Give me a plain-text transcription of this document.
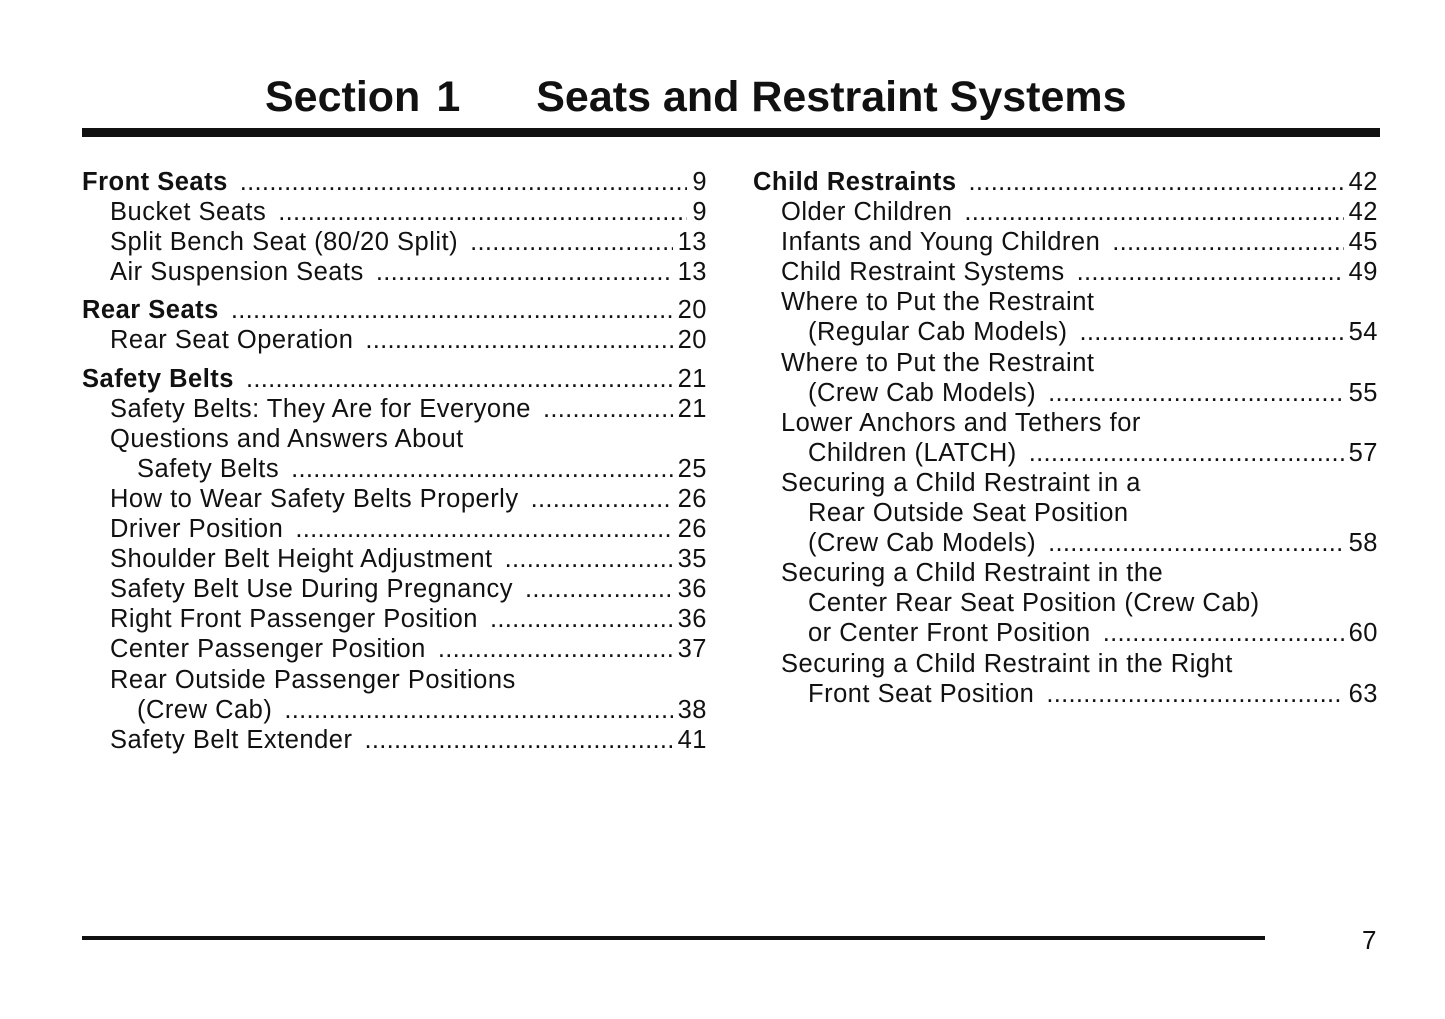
Section 1 Seats and Restraint Systems
Front Seats .....	9
Bucket Seats .....	9
Split Bench Seat (80/20 Split) .....	13
Air Suspension Seats .....	13
Rear Seats .....	20
Rear Seat Operation .....	20
Safety Belts .....	21
Safety Belts: They Are for Everyone .....	21
Questions and Answers About
Safety Belts .....	25
How to Wear Safety Belts Properly .....	26
Driver Position .....	26
Shoulder Belt Height Adjustment .....	35
Safety Belt Use During Pregnancy .....	36
Right Front Passenger Position .....	36
Center Passenger Position .....	37
Rear Outside Passenger Positions
(Crew Cab) .....	38
Safety Belt Extender .....	41
Child Restraints .....	42
Older Children .....	42
Infants and Young Children .....	45
Child Restraint Systems .....	49
Where to Put the Restraint
(Regular Cab Models) .....	54
Where to Put the Restraint
(Crew Cab Models) .....	55
Lower Anchors and Tethers for
Children (LATCH) .....	57
Securing a Child Restraint in a
Rear Outside Seat Position
(Crew Cab Models) .....	58
Securing a Child Restraint in the
Center Rear Seat Position (Crew Cab)
or Center Front Position .....	60
Securing a Child Restraint in the Right
Front Seat Position .....	63
7
